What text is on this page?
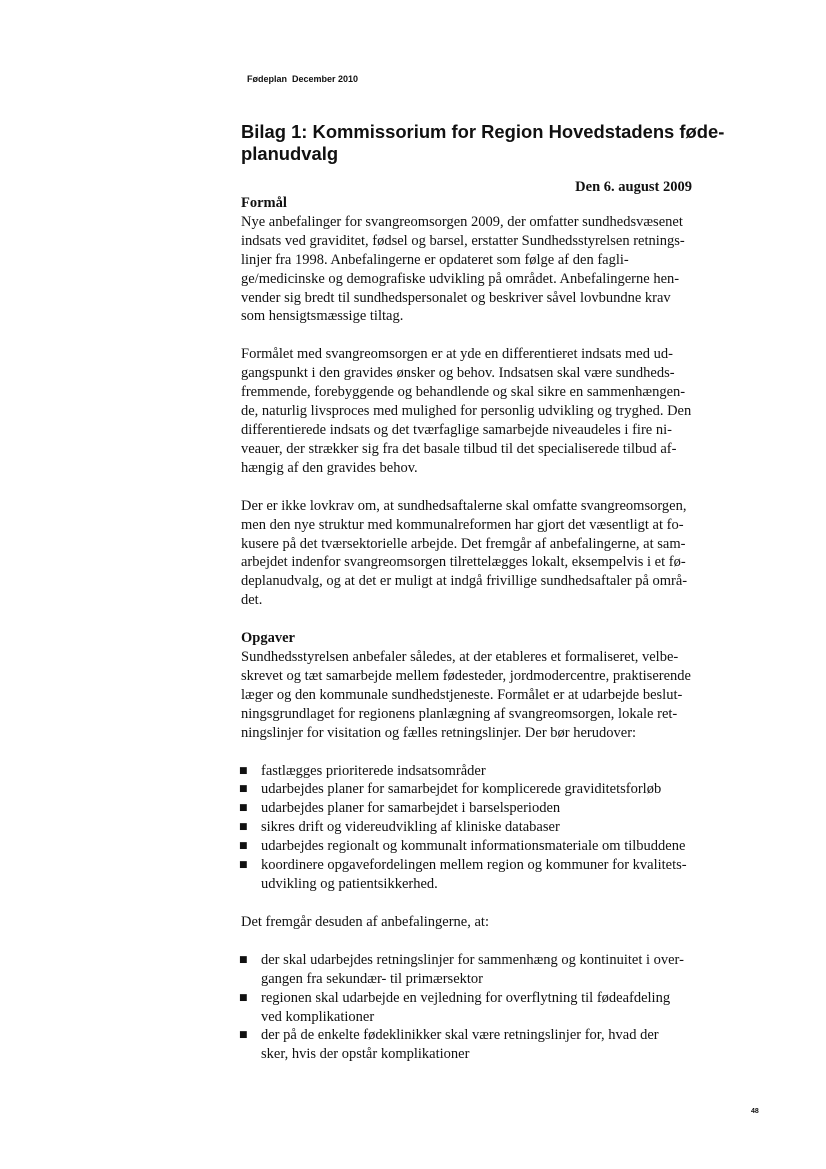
Fødeplan  December 2010
Bilag 1: Kommissorium for Region Hovedstadens føde-
planudvalg
Den 6. august 2009
Formål
Nye anbefalinger for svangreomsorgen 2009, der omfatter sundhedsvæsenet
indsats ved graviditet, fødsel og barsel, erstatter Sundhedsstyrelsen retnings-
linjer fra 1998. Anbefalingerne er opdateret som følge af den fagli-
ge/medicinske og demografiske udvikling på området. Anbefalingerne hen-
vender sig bredt til sundhedspersonalet og beskriver såvel lovbundne krav
som hensigtsmæssige tiltag.
Formålet med svangreomsorgen er at yde en differentieret indsats med ud-
gangspunkt i den gravides ønsker og behov. Indsatsen skal være sundheds-
fremmende, forebyggende og behandlende og skal sikre en sammenhængen-
de, naturlig livsproces med mulighed for personlig udvikling og tryghed. Den
differentierede indsats og det tværfaglige samarbejde niveaudeles i fire ni-
veauer, der strækker sig fra det basale tilbud til det specialiserede tilbud af-
hængig af den gravides behov.
Der er ikke lovkrav om, at sundhedsaftalerne skal omfatte svangreomsorgen,
men den nye struktur med kommunalreformen har gjort det væsentligt at fo-
kusere på det tværsektorielle arbejde. Det fremgår af anbefalingerne, at sam-
arbejdet indenfor svangreomsorgen tilrettelægges lokalt, eksempelvis i et fø-
deplanudvalg, og at det er muligt at indgå frivillige sundhedsaftaler på områ-
det.
Opgaver
Sundhedsstyrelsen anbefaler således, at der etableres et formaliseret, velbe-
skrevet og tæt samarbejde mellem fødesteder, jordmodercentre, praktiserende
læger og den kommunale sundhedstjeneste. Formålet er at udarbejde beslut-
ningsgrundlaget for regionens planlægning af svangreomsorgen, lokale ret-
ningslinjer for visitation og fælles retningslinjer. Der bør herudover:
■ fastlægges prioriterede indsatsområder
■ udarbejdes planer for samarbejdet for komplicerede graviditetsforløb
■ udarbejdes planer for samarbejdet i barselsperioden
■ sikres drift og videreudvikling af kliniske databaser
■ udarbejdes regionalt og kommunalt informationsmateriale om tilbuddene
■ koordinere opgavefordelingen mellem region og kommuner for kvalitets-
udvikling og patientsikkerhed.
Det fremgår desuden af anbefalingerne, at:
■ der skal udarbejdes retningslinjer for sammenhæng og kontinuitet i over-
gangen fra sekundær- til primærsektor
■ regionen skal udarbejde en vejledning for overflytning til fødeafdeling
ved komplikationer
■ der på de enkelte fødeklinikker skal være retningslinjer for, hvad der
sker, hvis der opstår komplikationer
48
